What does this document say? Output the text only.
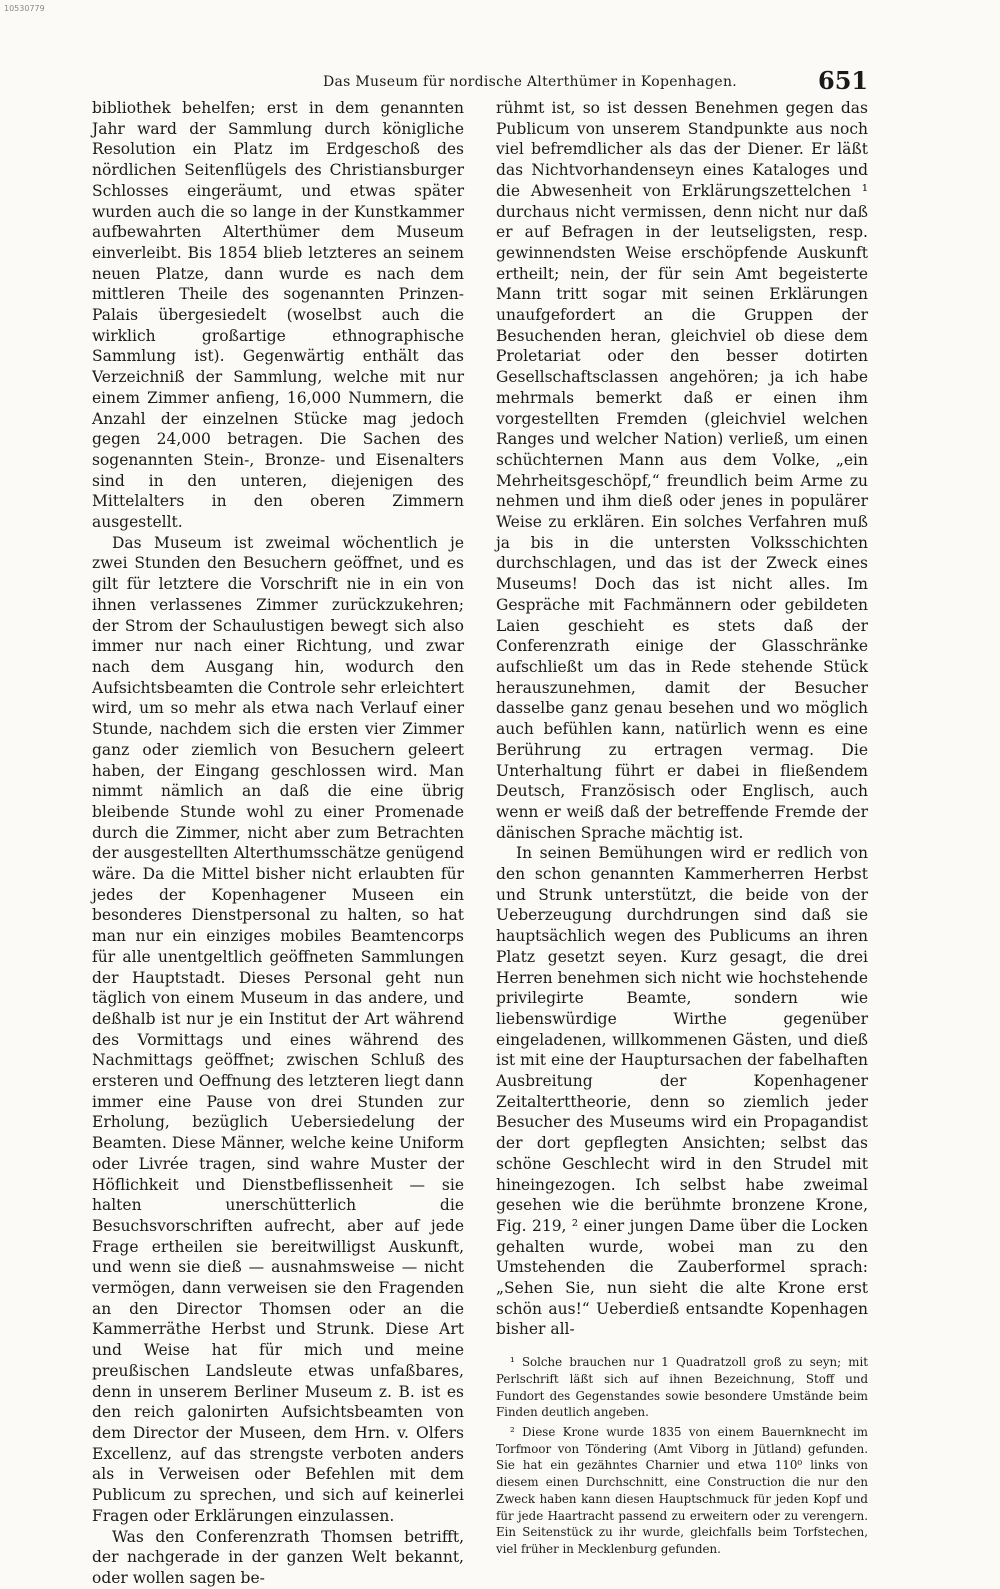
10530779
Das Museum für nordische Alterthümer in Kopenhagen.	651

bibliothek behelfen; erst in dem genannten Jahr ward der Sammlung durch königliche Resolution ein Platz im Erdgeschoß des nördlichen Seitenflügels des Christiansburger Schlosses eingeräumt, und etwas später wurden auch die so lange in der Kunstkammer aufbewahrten Alterthümer dem Museum einverleibt. Bis 1854 blieb letzteres an seinem neuen Platze, dann wurde es nach dem mittleren Theile des sogenannten Prinzen-Palais übergesiedelt (woselbst auch die wirklich großartige ethnographische Sammlung ist). Gegenwärtig enthält das Verzeichniß der Sammlung, welche mit nur einem Zimmer anfieng, 16,000 Nummern, die Anzahl der einzelnen Stücke mag jedoch gegen 24,000 betragen. Die Sachen des sogenannten Stein-, Bronze- und Eisenalters sind in den unteren, diejenigen des Mittelalters in den oberen Zimmern ausgestellt.

Das Museum ist zweimal wöchentlich je zwei Stunden den Besuchern geöffnet, und es gilt für letztere die Vorschrift nie in ein von ihnen verlassenes Zimmer zurückzukehren; der Strom der Schaulustigen bewegt sich also immer nur nach einer Richtung, und zwar nach dem Ausgang hin, wodurch den Aufsichtsbeamten die Controle sehr erleichtert wird, um so mehr als etwa nach Verlauf einer Stunde, nachdem sich die ersten vier Zimmer ganz oder ziemlich von Besuchern geleert haben, der Eingang geschlossen wird. Man nimmt nämlich an daß die eine übrig bleibende Stunde wohl zu einer Promenade durch die Zimmer, nicht aber zum Betrachten der ausgestellten Alterthumsschätze genügend wäre. Da die Mittel bisher nicht erlaubten für jedes der Kopenhagener Museen ein besonderes Dienstpersonal zu halten, so hat man nur ein einziges mobiles Beamtencorps für alle unentgeltlich geöffneten Sammlungen der Hauptstadt. Dieses Personal geht nun täglich von einem Museum in das andere, und deßhalb ist nur je ein Institut der Art während des Vormittags und eines während des Nachmittags geöffnet; zwischen Schluß des ersteren und Oeffnung des letzteren liegt dann immer eine Pause von drei Stunden zur Erholung, bezüglich Uebersiedelung der Beamten. Diese Männer, welche keine Uniform oder Livrée tragen, sind wahre Muster der Höflichkeit und Dienstbeflissenheit — sie halten unerschütterlich die Besuchsvorschriften aufrecht, aber auf jede Frage ertheilen sie bereitwilligst Auskunft, und wenn sie dieß — ausnahmsweise — nicht vermögen, dann verweisen sie den Fragenden an den Director Thomsen oder an die Kammerräthe Herbst und Strunk. Diese Art und Weise hat für mich und meine preußischen Landsleute etwas unfaßbares, denn in unserem Berliner Museum z. B. ist es den reich galonirten Aufsichtsbeamten von dem Director der Museen, dem Hrn. v. Olfers Excellenz, auf das strengste verboten anders als in Verweisen oder Befehlen mit dem Publicum zu sprechen, und sich auf keinerlei Fragen oder Erklärungen einzulassen.

Was den Conferenzrath Thomsen betrifft, der nachgerade in der ganzen Welt bekannt, oder wollen sagen be-

rühmt ist, so ist dessen Benehmen gegen das Publicum von unserem Standpunkte aus noch viel befremdlicher als das der Diener. Er läßt das Nichtvorhandenseyn eines Kataloges und die Abwesenheit von Erklärungszettelchen ¹ durchaus nicht vermissen, denn nicht nur daß er auf Befragen in der leutseligsten, resp. gewinnendsten Weise erschöpfende Auskunft ertheilt; nein, der für sein Amt begeisterte Mann tritt sogar mit seinen Erklärungen unaufgefordert an die Gruppen der Besuchenden heran, gleichviel ob diese dem Proletariat oder den besser dotirten Gesellschaftsclassen angehören; ja ich habe mehrmals bemerkt daß er einen ihm vorgestellten Fremden (gleichviel welchen Ranges und welcher Nation) verließ, um einen schüchternen Mann aus dem Volke, „ein Mehrheitsgeschöpf,“ freundlich beim Arme zu nehmen und ihm dieß oder jenes in populärer Weise zu erklären. Ein solches Verfahren muß ja bis in die untersten Volksschichten durchschlagen, und das ist der Zweck eines Museums! Doch das ist nicht alles. Im Gespräche mit Fachmännern oder gebildeten Laien geschieht es stets daß der Conferenzrath einige der Glasschränke aufschließt um das in Rede stehende Stück herauszunehmen, damit der Besucher dasselbe ganz genau besehen und wo möglich auch befühlen kann, natürlich wenn es eine Berührung zu ertragen vermag. Die Unterhaltung führt er dabei in fließendem Deutsch, Französisch oder Englisch, auch wenn er weiß daß der betreffende Fremde der dänischen Sprache mächtig ist.

In seinen Bemühungen wird er redlich von den schon genannten Kammerherren Herbst und Strunk unterstützt, die beide von der Ueberzeugung durchdrungen sind daß sie hauptsächlich wegen des Publicums an ihren Platz gesetzt seyen. Kurz gesagt, die drei Herren benehmen sich nicht wie hochstehende privilegirte Beamte, sondern wie liebenswürdige Wirthe gegenüber eingeladenen, willkommenen Gästen, und dieß ist mit eine der Hauptursachen der fabelhaften Ausbreitung der Kopenhagener Zeitalterttheorie, denn so ziemlich jeder Besucher des Museums wird ein Propagandist der dort gepflegten Ansichten; selbst das schöne Geschlecht wird in den Strudel mit hineingezogen. Ich selbst habe zweimal gesehen wie die berühmte bronzene Krone, Fig. 219, ² einer jungen Dame über die Locken gehalten wurde, wobei man zu den Umstehenden die Zauberformel sprach: „Sehen Sie, nun sieht die alte Krone erst schön aus!“ Ueberdieß entsandte Kopenhagen bisher all-

¹ Solche brauchen nur 1 Quadratzoll groß zu seyn; mit Perlschrift läßt sich auf ihnen Bezeichnung, Stoff und Fundort des Gegenstandes sowie besondere Umstände beim Finden deutlich angeben.

² Diese Krone wurde 1835 von einem Bauernknecht im Torfmoor von Töndering (Amt Viborg in Jütland) gefunden. Sie hat ein gezähntes Charnier und etwa 110⁰ links von diesem einen Durchschnitt, eine Construction die nur den Zweck haben kann diesen Hauptschmuck für jeden Kopf und für jede Haartracht passend zu erweitern oder zu verengern. Ein Seitenstück zu ihr wurde, gleichfalls beim Torfstechen, viel früher in Mecklenburg gefunden.
